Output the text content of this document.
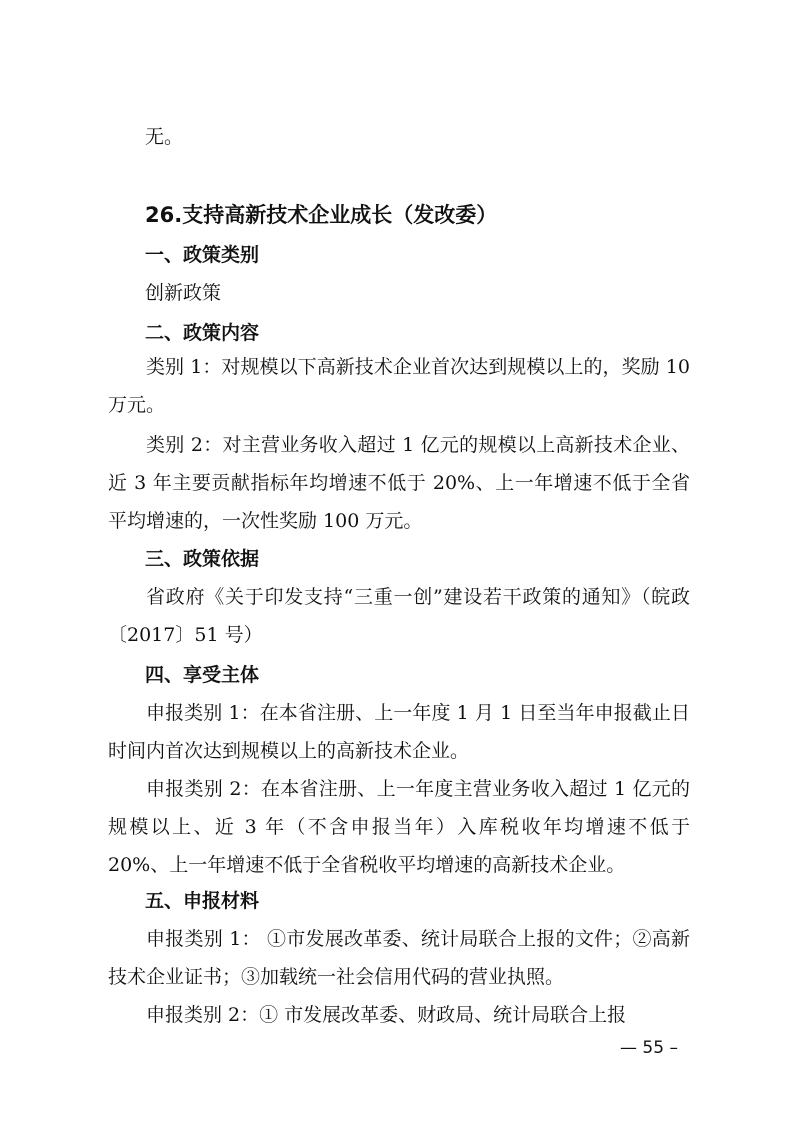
无。

26.支持高新技术企业成长（发改委）
一、政策类别

创新政策

二、政策内容

类别 1：对规模以下高新技术企业首次达到规模以上的，奖励 10 万元。

类别 2：对主营业务收入超过 1 亿元的规模以上高新技术企业、近 3 年主要贡献指标年均增速不低于 20%、上一年增速不低于全省平均增速的，一次性奖励 100 万元。

三、政策依据

省政府《关于印发支持“三重一创”建设若干政策的通知》（皖政〔2017〕51 号）

四、享受主体

申报类别 1：在本省注册、上一年度 1 月 1 日至当年申报截止日时间内首次达到规模以上的高新技术企业。

申报类别 2：在本省注册、上一年度主营业务收入超过 1 亿元的规模以上、近 3 年（不含申报当年）入库税收年均增速不低于 20%、上一年增速不低于全省税收平均增速的高新技术企业。

五、申报材料

申报类别 1： ①市发展改革委、统计局联合上报的文件；②高新技术企业证书；③加载统一社会信用代码的营业执照。

申报类别 2：① 市发展改革委、财政局、统计局联合上报

— 55 –
